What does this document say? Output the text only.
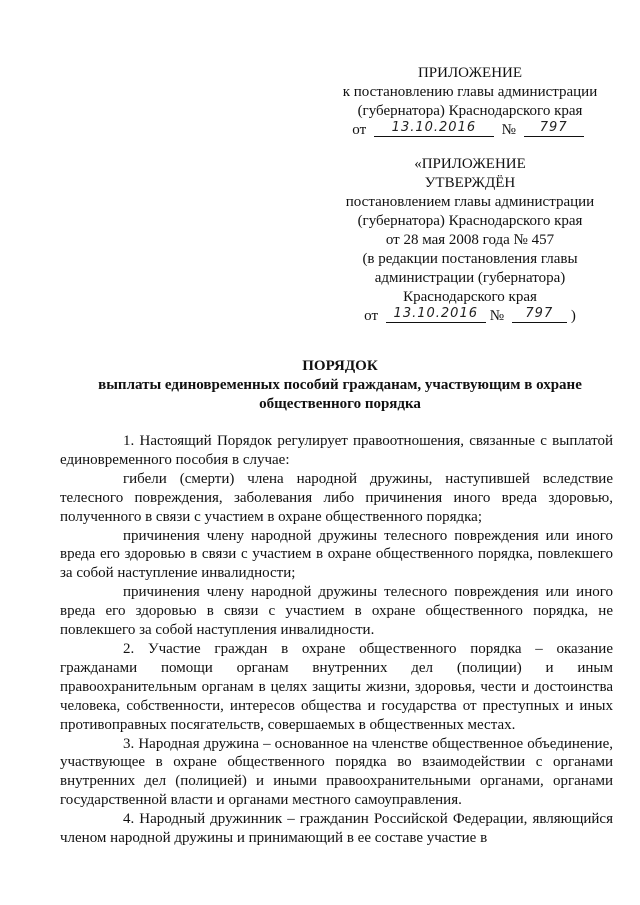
ПРИЛОЖЕНИЕ
к постановлению главы администрации
(губернатора) Краснодарского края
от 13.10.2016 № 797
«ПРИЛОЖЕНИЕ
УТВЕРЖДЁН
постановлением главы администрации
(губернатора) Краснодарского края
от 28 мая 2008 года № 457
(в редакции постановления главы
администрации (губернатора)
Краснодарского края
от 13.10.2016 № 797 )
ПОРЯДОК
выплаты единовременных пособий гражданам, участвующим в охране общественного порядка

1. Настоящий Порядок регулирует правоотношения, связанные с выплатой единовременного пособия в случае:

гибели (смерти) члена народной дружины, наступившей вследствие телесного повреждения, заболевания либо причинения иного вреда здоровью, полученного в связи с участием в охране общественного порядка;

причинения члену народной дружины телесного повреждения или иного вреда его здоровью в связи с участием в охране общественного порядка, повлекшего за собой наступление инвалидности;

причинения члену народной дружины телесного повреждения или иного вреда его здоровью в связи с участием в охране общественного порядка, не повлекшего за собой наступления инвалидности.

2. Участие граждан в охране общественного порядка – оказание гражданами помощи органам внутренних дел (полиции) и иным правоохранительным органам в целях защиты жизни, здоровья, чести и достоинства человека, собственности, интересов общества и государства от преступных и иных противоправных посягательств, совершаемых в общественных местах.

3. Народная дружина – основанное на членстве общественное объединение, участвующее в охране общественного порядка во взаимодействии с органами внутренних дел (полицией) и иными правоохранительными органами, органами государственной власти и органами местного самоуправления.

4. Народный дружинник – гражданин Российской Федерации, являющийся членом народной дружины и принимающий в ее составе участие в
